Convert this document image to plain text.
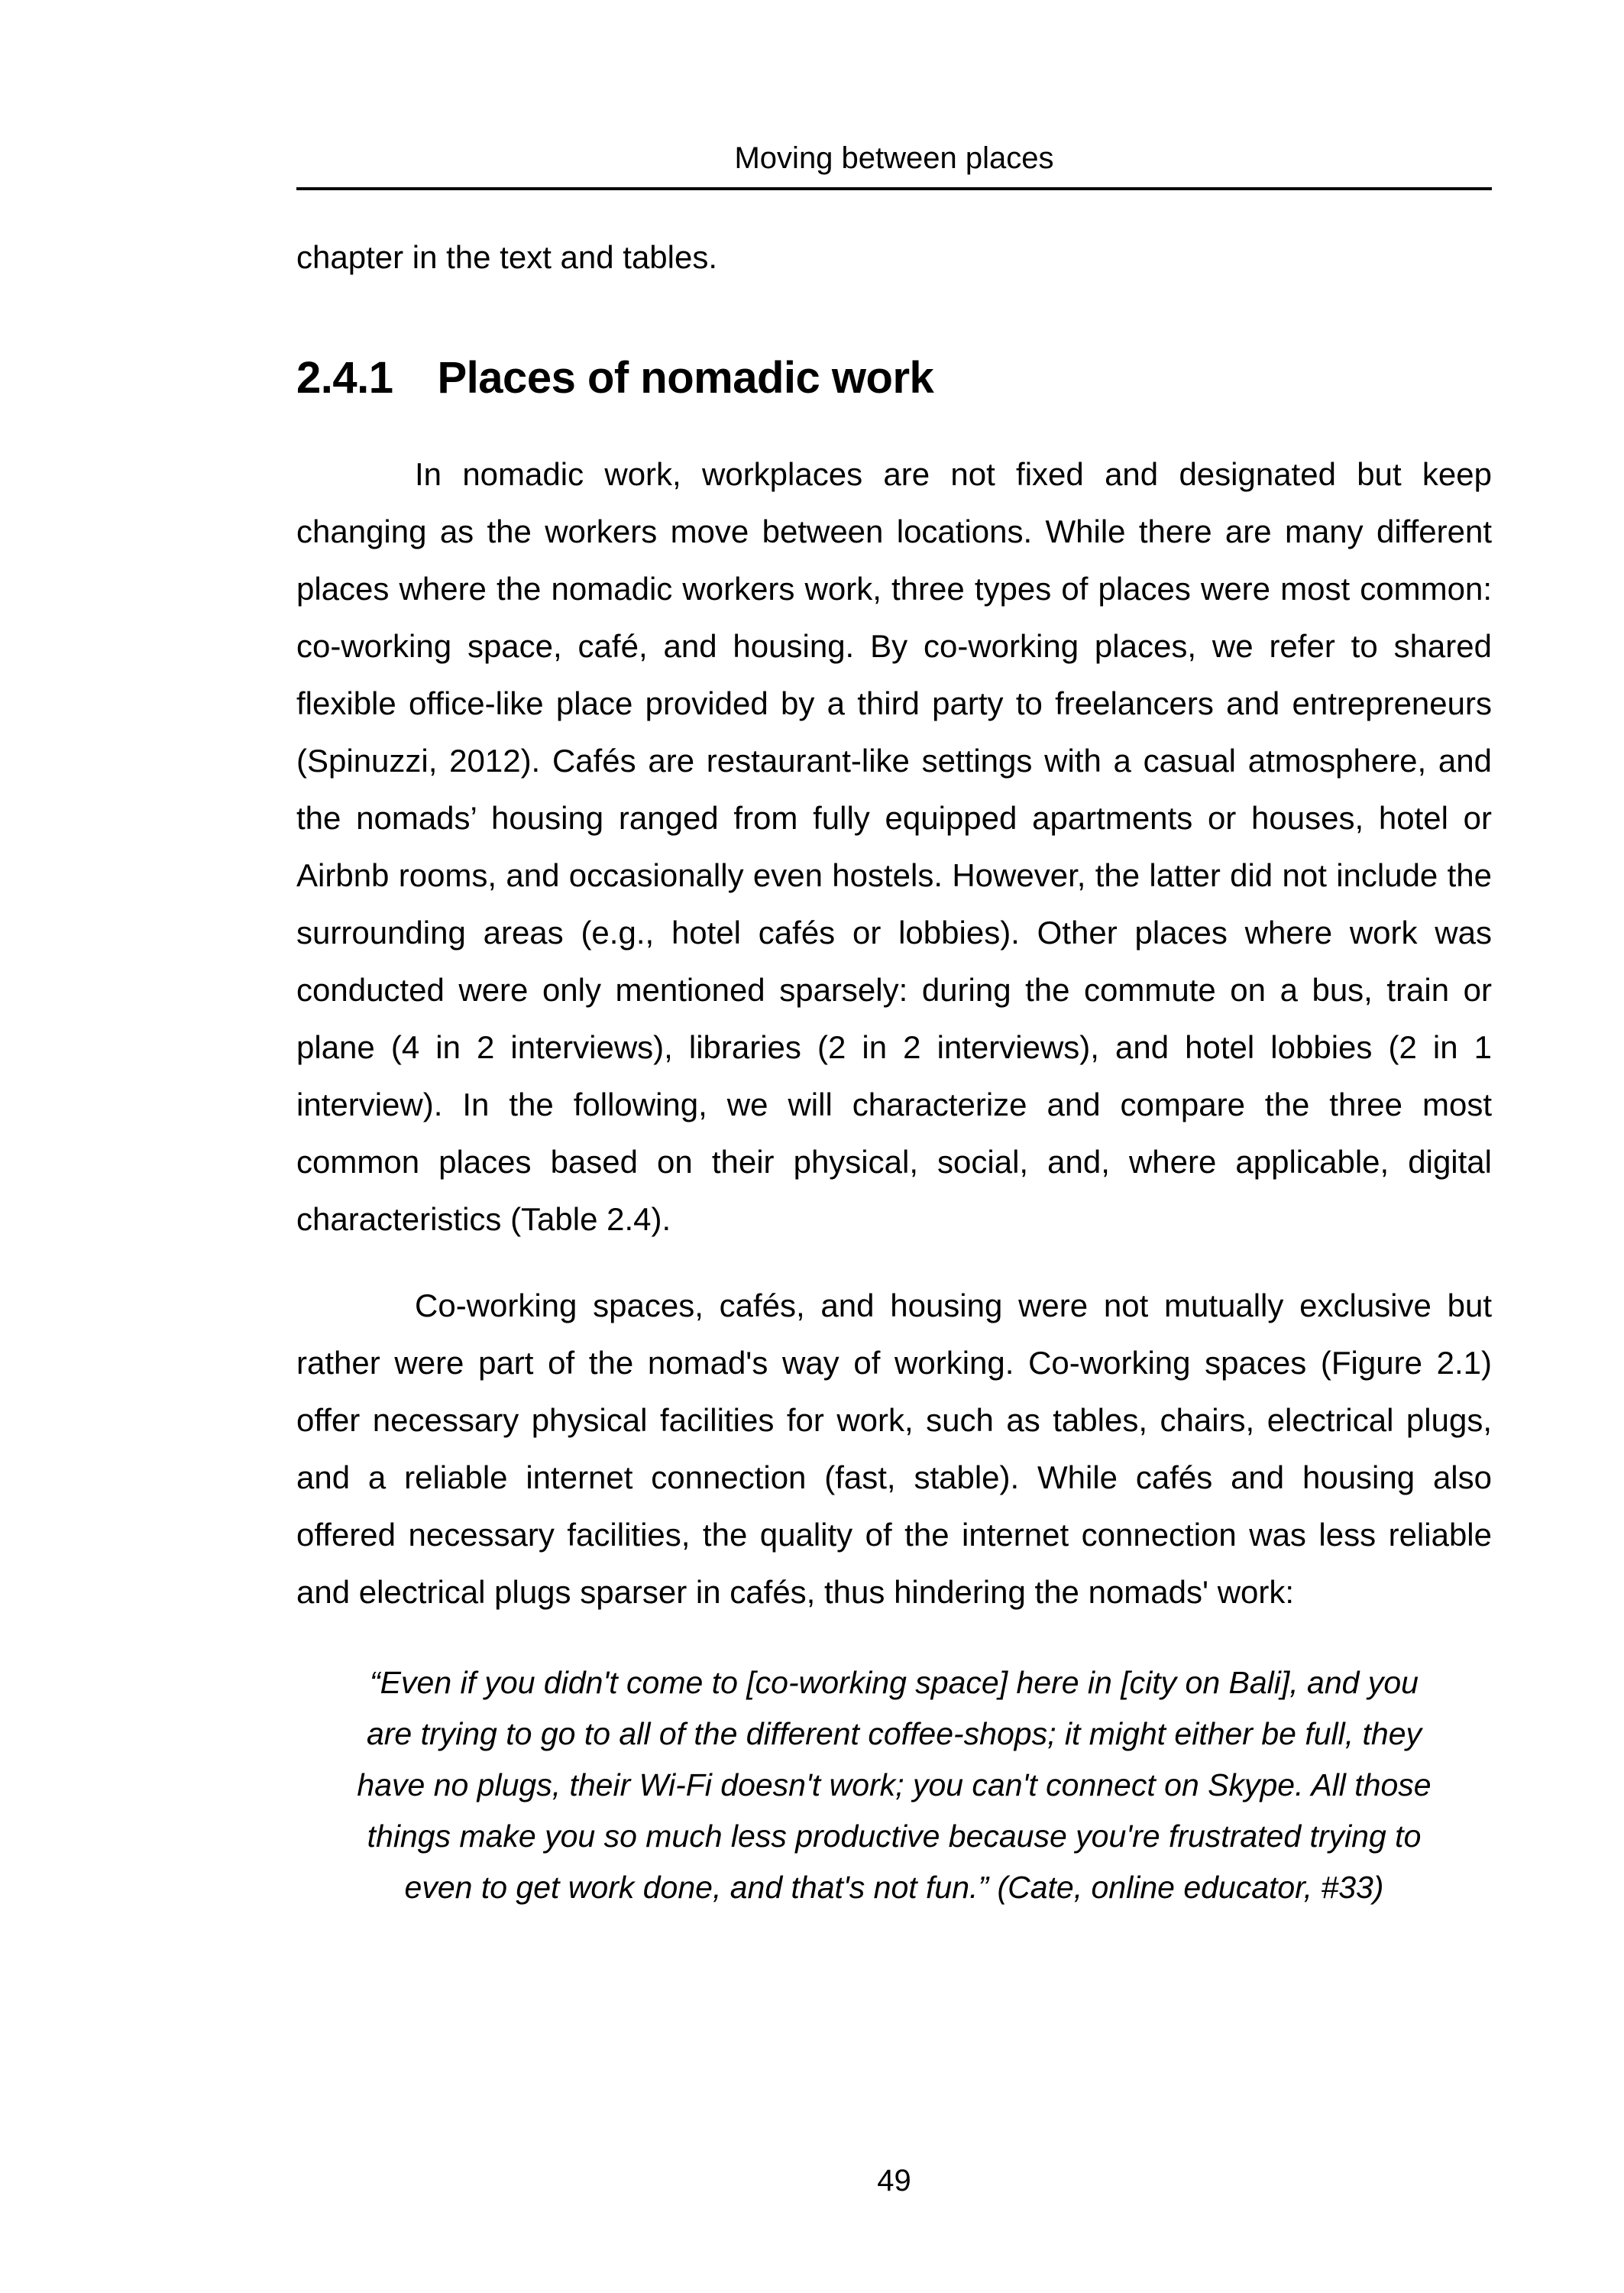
Moving between places

chapter in the text and tables.

2.4.1 Places of nomadic work

In nomadic work, workplaces are not fixed and designated but keep changing as the workers move between locations. While there are many different places where the nomadic workers work, three types of places were most common: co-working space, café, and housing. By co-working places, we refer to shared flexible office-like place provided by a third party to freelancers and entrepreneurs (Spinuzzi, 2012). Cafés are restaurant-like settings with a casual atmosphere, and the nomads’ housing ranged from fully equipped apartments or houses, hotel or Airbnb rooms, and occasionally even hostels. However, the latter did not include the surrounding areas (e.g., hotel cafés or lobbies). Other places where work was conducted were only mentioned sparsely: during the commute on a bus, train or plane (4 in 2 interviews), libraries (2 in 2 interviews), and hotel lobbies (2 in 1 interview). In the following, we will characterize and compare the three most common places based on their physical, social, and, where applicable, digital characteristics (Table 2.4).

Co-working spaces, cafés, and housing were not mutually exclusive but rather were part of the nomad's way of working. Co-working spaces (Figure 2.1) offer necessary physical facilities for work, such as tables, chairs, electrical plugs, and a reliable internet connection (fast, stable). While cafés and housing also offered necessary facilities, the quality of the internet connection was less reliable and electrical plugs sparser in cafés, thus hindering the nomads' work:

“Even if you didn't come to [co-working space] here in [city on Bali], and you are trying to go to all of the different coffee-shops; it might either be full, they have no plugs, their Wi-Fi doesn't work; you can't connect on Skype. All those things make you so much less productive because you're frustrated trying to even to get work done, and that's not fun.” (Cate, online educator, #33)
49
